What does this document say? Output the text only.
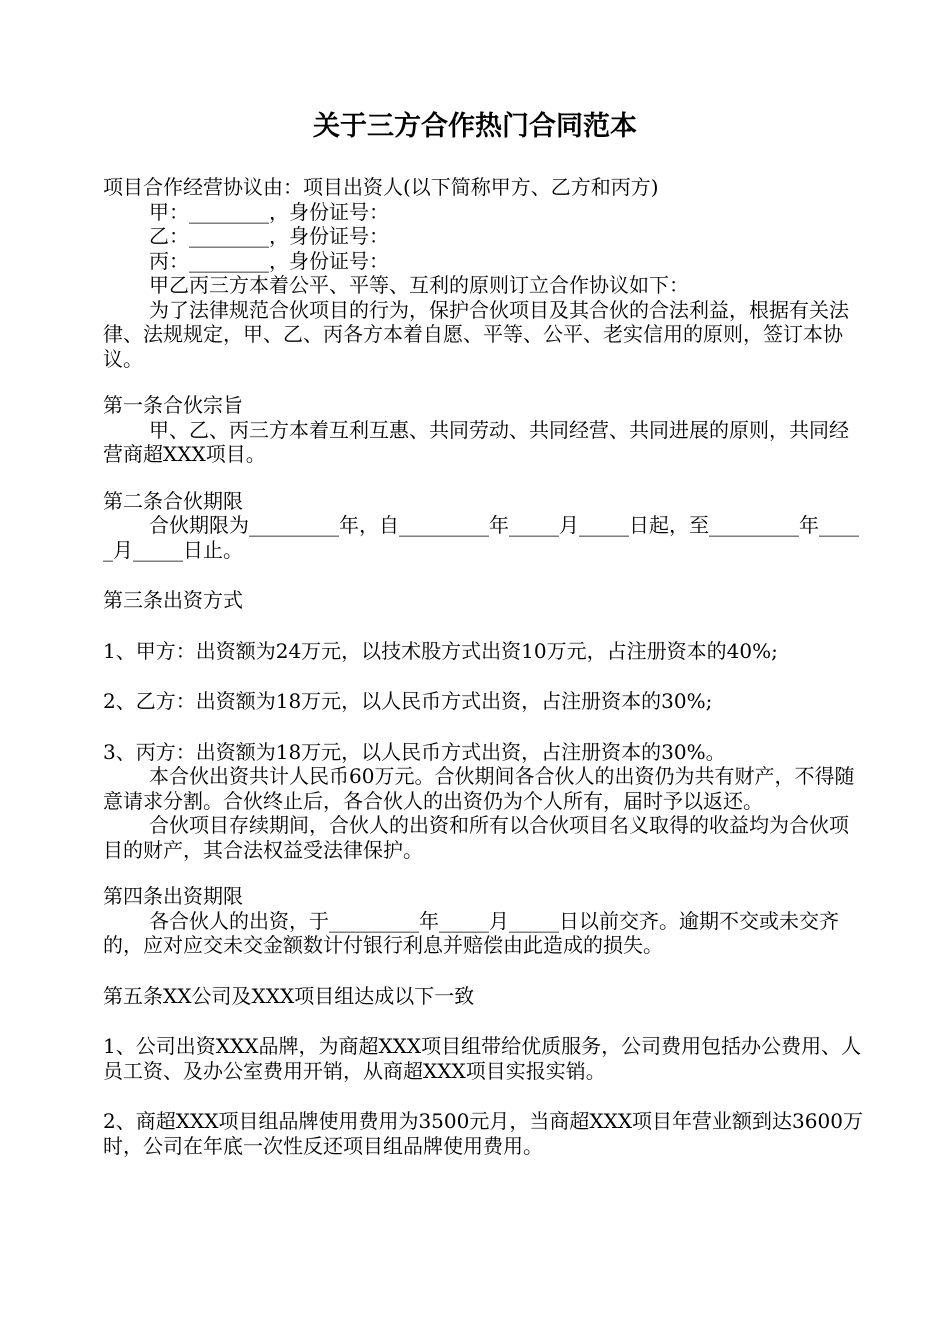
关于三方合作热门合同范本

项目合作经营协议由：项目出资人(以下简称甲方、乙方和丙方)

甲：________，身份证号：

乙：________，身份证号：

丙：________，身份证号：

甲乙丙三方本着公平、平等、互利的原则订立合作协议如下：

为了法律规范合伙项目的行为，保护合伙项目及其合伙的合法利益，根据有关法律、法规规定，甲、乙、丙各方本着自愿、平等、公平、老实信用的原则，签订本协议。

第一条合伙宗旨

甲、乙、丙三方本着互利互惠、共同劳动、共同经营、共同进展的原则，共同经营商超XXX项目。

第二条合伙期限

合伙期限为_________年，自_________年_____月_____日起，至_________年_____月_____日止。

第三条出资方式

1、甲方：出资额为24万元，以技术股方式出资10万元，占注册资本的40%;

2、乙方：出资额为18万元，以人民币方式出资，占注册资本的30%;

3、丙方：出资额为18万元，以人民币方式出资，占注册资本的30%。

本合伙出资共计人民币60万元。合伙期间各合伙人的出资仍为共有财产，不得随意请求分割。合伙终止后，各合伙人的出资仍为个人所有，届时予以返还。

合伙项目存续期间，合伙人的出资和所有以合伙项目名义取得的收益均为合伙项目的财产，其合法权益受法律保护。

第四条出资期限

各合伙人的出资，于_________年_____月_____日以前交齐。逾期不交或未交齐的，应对应交未交金额数计付银行利息并赔偿由此造成的损失。

第五条XX公司及XXX项目组达成以下一致

1、公司出资XXX品牌，为商超XXX项目组带给优质服务，公司费用包括办公费用、人员工资、及办公室费用开销，从商超XXX项目实报实销。

2、商超XXX项目组品牌使用费用为3500元月，当商超XXX项目年营业额到达3600万时，公司在年底一次性反还项目组品牌使用费用。
